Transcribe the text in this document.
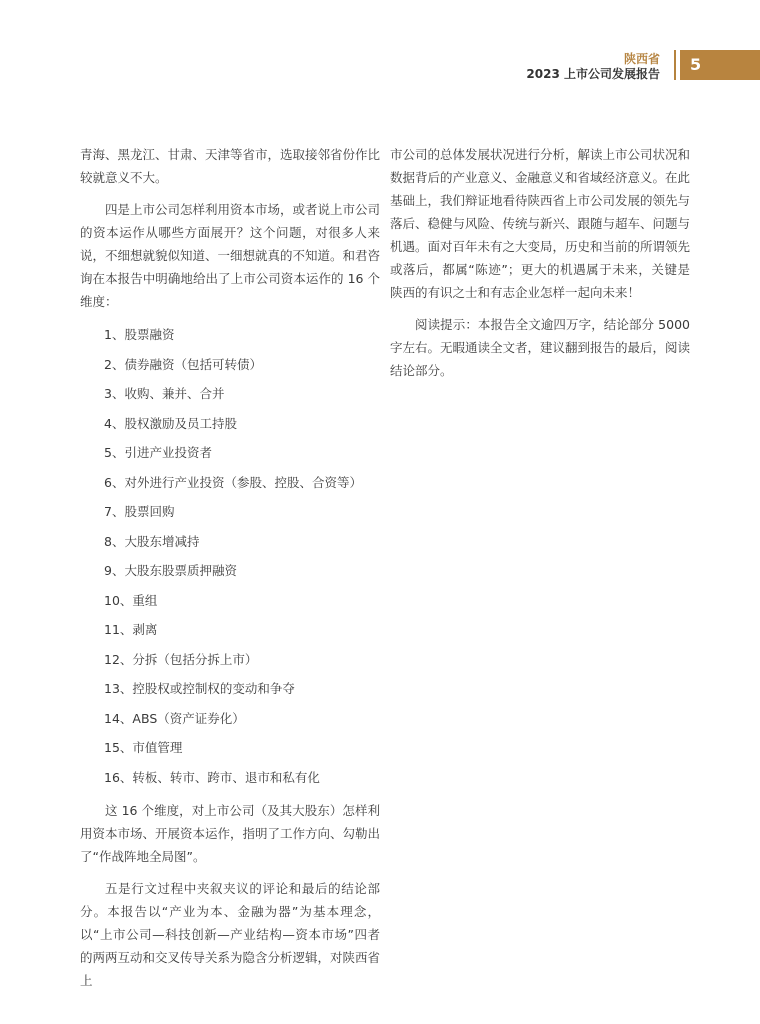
陕西省
2023 上市公司发展报告	5

青海、黑龙江、甘肃、天津等省市，选取接邻省份作比较就意义不大。

四是上市公司怎样利用资本市场，或者说上市公司的资本运作从哪些方面展开？这个问题，对很多人来说，不细想就貌似知道、一细想就真的不知道。和君咨询在本报告中明确地给出了上市公司资本运作的 16 个维度：

1、股票融资
2、债券融资（包括可转债）
3、收购、兼并、合并
4、股权激励及员工持股
5、引进产业投资者
6、对外进行产业投资（参股、控股、合资等）
7、股票回购
8、大股东增减持
9、大股东股票质押融资
10、重组
11、剥离
12、分拆（包括分拆上市）
13、控股权或控制权的变动和争夺
14、ABS（资产证券化）
15、市值管理
16、转板、转市、跨市、退市和私有化

这 16 个维度，对上市公司（及其大股东）怎样利用资本市场、开展资本运作，指明了工作方向、勾勒出了“作战阵地全局图”。

五是行文过程中夹叙夹议的评论和最后的结论部分。本报告以“产业为本、金融为器”为基本理念，以“上市公司—科技创新—产业结构—资本市场”四者的两两互动和交叉传导关系为隐含分析逻辑，对陕西省上

市公司的总体发展状况进行分析，解读上市公司状况和数据背后的产业意义、金融意义和省域经济意义。在此基础上，我们辩证地看待陕西省上市公司发展的领先与落后、稳健与风险、传统与新兴、跟随与超车、问题与机遇。面对百年未有之大变局，历史和当前的所谓领先或落后，都属“陈迹”；更大的机遇属于未来，关键是陕西的有识之士和有志企业怎样一起向未来！

阅读提示：本报告全文逾四万字，结论部分 5000 字左右。无暇通读全文者，建议翻到报告的最后，阅读结论部分。
